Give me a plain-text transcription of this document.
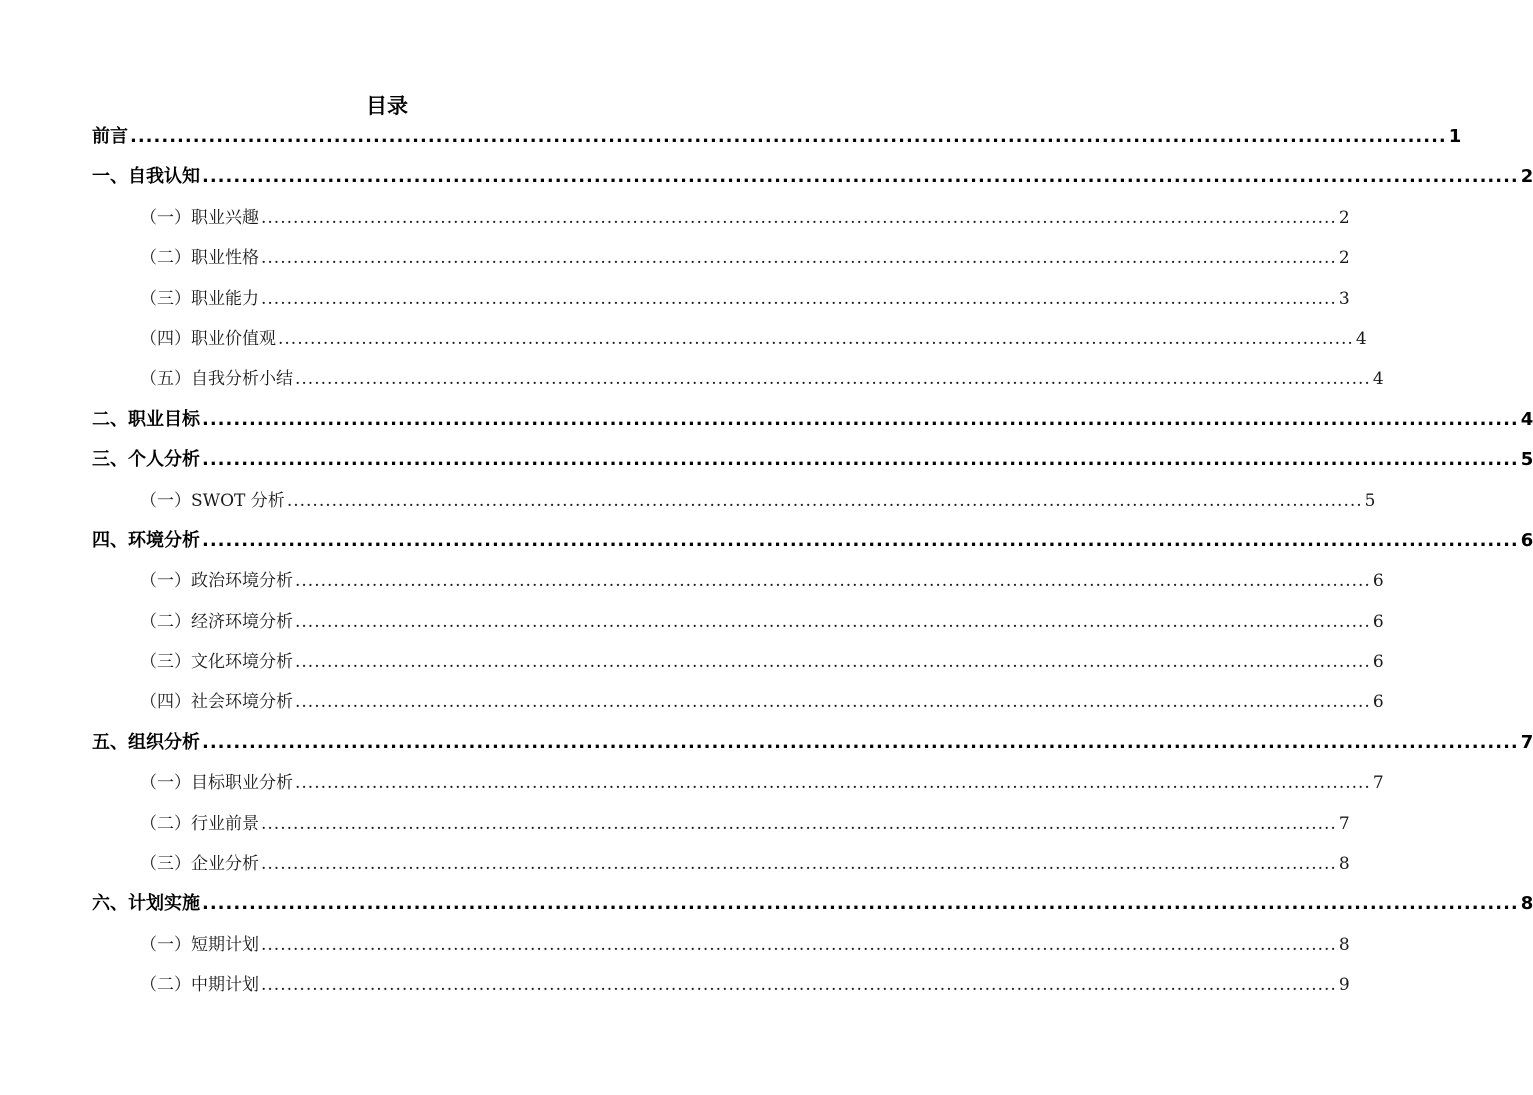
目录
前言 ........................................................................................................................................................................ 1
一、自我认知 ........................................................................................................................................................................ 2
（一）职业兴趣 ........................................................................................................................................................................ 2
（二）职业性格 ........................................................................................................................................................................ 2
（三）职业能力 ........................................................................................................................................................................ 3
（四）职业价值观 ........................................................................................................................................................................ 4
（五）自我分析小结 ........................................................................................................................................................................ 4
二、职业目标 ........................................................................................................................................................................ 4
三、个人分析 ........................................................................................................................................................................ 5
（一）SWOT 分析 ........................................................................................................................................................................ 5
四、环境分析 ........................................................................................................................................................................ 6
（一）政治环境分析 ........................................................................................................................................................................ 6
（二）经济环境分析 ........................................................................................................................................................................ 6
（三）文化环境分析 ........................................................................................................................................................................ 6
（四）社会环境分析 ........................................................................................................................................................................ 6
五、组织分析 ........................................................................................................................................................................ 7
（一）目标职业分析 ........................................................................................................................................................................ 7
（二）行业前景 ........................................................................................................................................................................ 7
（三）企业分析 ........................................................................................................................................................................ 8
六、计划实施 ........................................................................................................................................................................ 8
（一）短期计划 ........................................................................................................................................................................ 8
（二）中期计划 ........................................................................................................................................................................ 9
